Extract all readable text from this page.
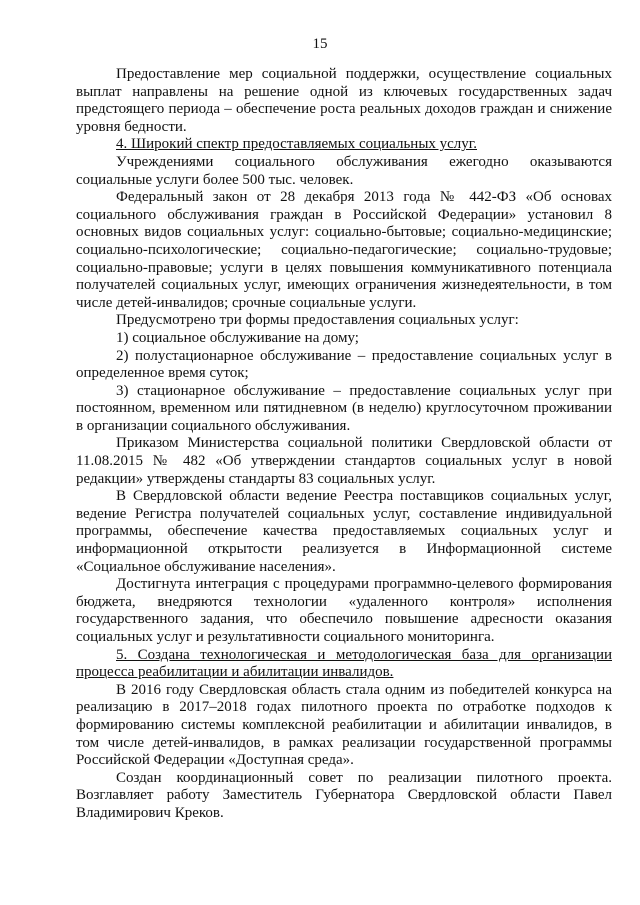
15

Предоставление мер социальной поддержки, осуществление социальных выплат направлены на решение одной из ключевых государственных задач предстоящего периода – обеспечение роста реальных доходов граждан и снижение уровня бедности.

4. Широкий спектр предоставляемых социальных услуг.

Учреждениями социального обслуживания ежегодно оказываются социальные услуги более 500 тыс. человек.

Федеральный закон от 28 декабря 2013 года № 442-ФЗ «Об основах социального обслуживания граждан в Российской Федерации» установил 8 основных видов социальных услуг: социально-бытовые; социально-медицинские; социально-психологические; социально-педагогические; социально-трудовые; социально-правовые; услуги в целях повышения коммуникативного потенциала получателей социальных услуг, имеющих ограничения жизнедеятельности, в том числе детей-инвалидов; срочные социальные услуги.

Предусмотрено три формы предоставления социальных услуг:

1) социальное обслуживание на дому;

2) полустационарное обслуживание – предоставление социальных услуг в определенное время суток;

3) стационарное обслуживание – предоставление социальных услуг при постоянном, временном или пятидневном (в неделю) круглосуточном проживании в организации социального обслуживания.

Приказом Министерства социальной политики Свердловской области от 11.08.2015 № 482 «Об утверждении стандартов социальных услуг в новой редакции» утверждены стандарты 83 социальных услуг.

В Свердловской области ведение Реестра поставщиков социальных услуг, ведение Регистра получателей социальных услуг, составление индивидуальной программы, обеспечение качества предоставляемых социальных услуг и информационной открытости реализуется в Информационной системе «Социальное обслуживание населения».

Достигнута интеграция с процедурами программно-целевого формирования бюджета, внедряются технологии «удаленного контроля» исполнения государственного задания, что обеспечило повышение адресности оказания социальных услуг и результативности социального мониторинга.

5. Создана технологическая и методологическая база для организации процесса реабилитации и абилитации инвалидов.

В 2016 году Свердловская область стала одним из победителей конкурса на реализацию в 2017–2018 годах пилотного проекта по отработке подходов к формированию системы комплексной реабилитации и абилитации инвалидов, в том числе детей-инвалидов, в рамках реализации государственной программы Российской Федерации «Доступная среда».

Создан координационный совет по реализации пилотного проекта. Возглавляет работу Заместитель Губернатора Свердловской области Павел Владимирович Креков.
